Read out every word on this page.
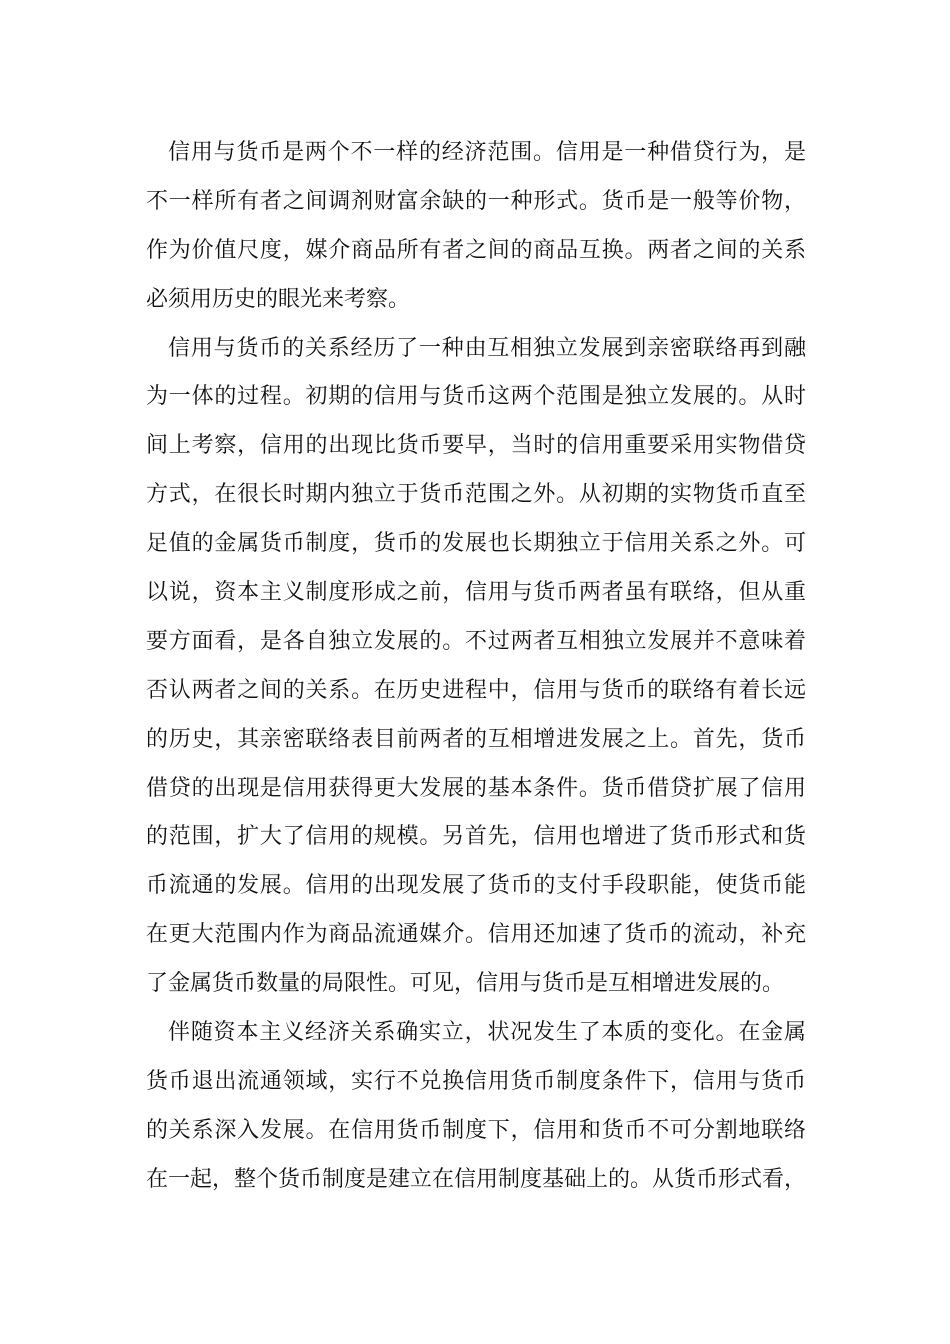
信用与货币是两个不一样的经济范围。信用是一种借贷行为，是
不一样所有者之间调剂财富余缺的一种形式。货币是一般等价物，
作为价值尺度，媒介商品所有者之间的商品互换。两者之间的关系
必须用历史的眼光来考察。
信用与货币的关系经历了一种由互相独立发展到亲密联络再到融
为一体的过程。初期的信用与货币这两个范围是独立发展的。从时
间上考察，信用的出现比货币要早，当时的信用重要采用实物借贷
方式，在很长时期内独立于货币范围之外。从初期的实物货币直至
足值的金属货币制度，货币的发展也长期独立于信用关系之外。可
以说，资本主义制度形成之前，信用与货币两者虽有联络，但从重
要方面看，是各自独立发展的。不过两者互相独立发展并不意味着
否认两者之间的关系。在历史进程中，信用与货币的联络有着长远
的历史，其亲密联络表目前两者的互相增进发展之上。首先，货币
借贷的出现是信用获得更大发展的基本条件。货币借贷扩展了信用
的范围，扩大了信用的规模。另首先，信用也增进了货币形式和货
币流通的发展。信用的出现发展了货币的支付手段职能，使货币能
在更大范围内作为商品流通媒介。信用还加速了货币的流动，补充
了金属货币数量的局限性。可见，信用与货币是互相增进发展的。
伴随资本主义经济关系确实立，状况发生了本质的变化。在金属
货币退出流通领域，实行不兑换信用货币制度条件下，信用与货币
的关系深入发展。在信用货币制度下，信用和货币不可分割地联络
在一起，整个货币制度是建立在信用制度基础上的。从货币形式看，
